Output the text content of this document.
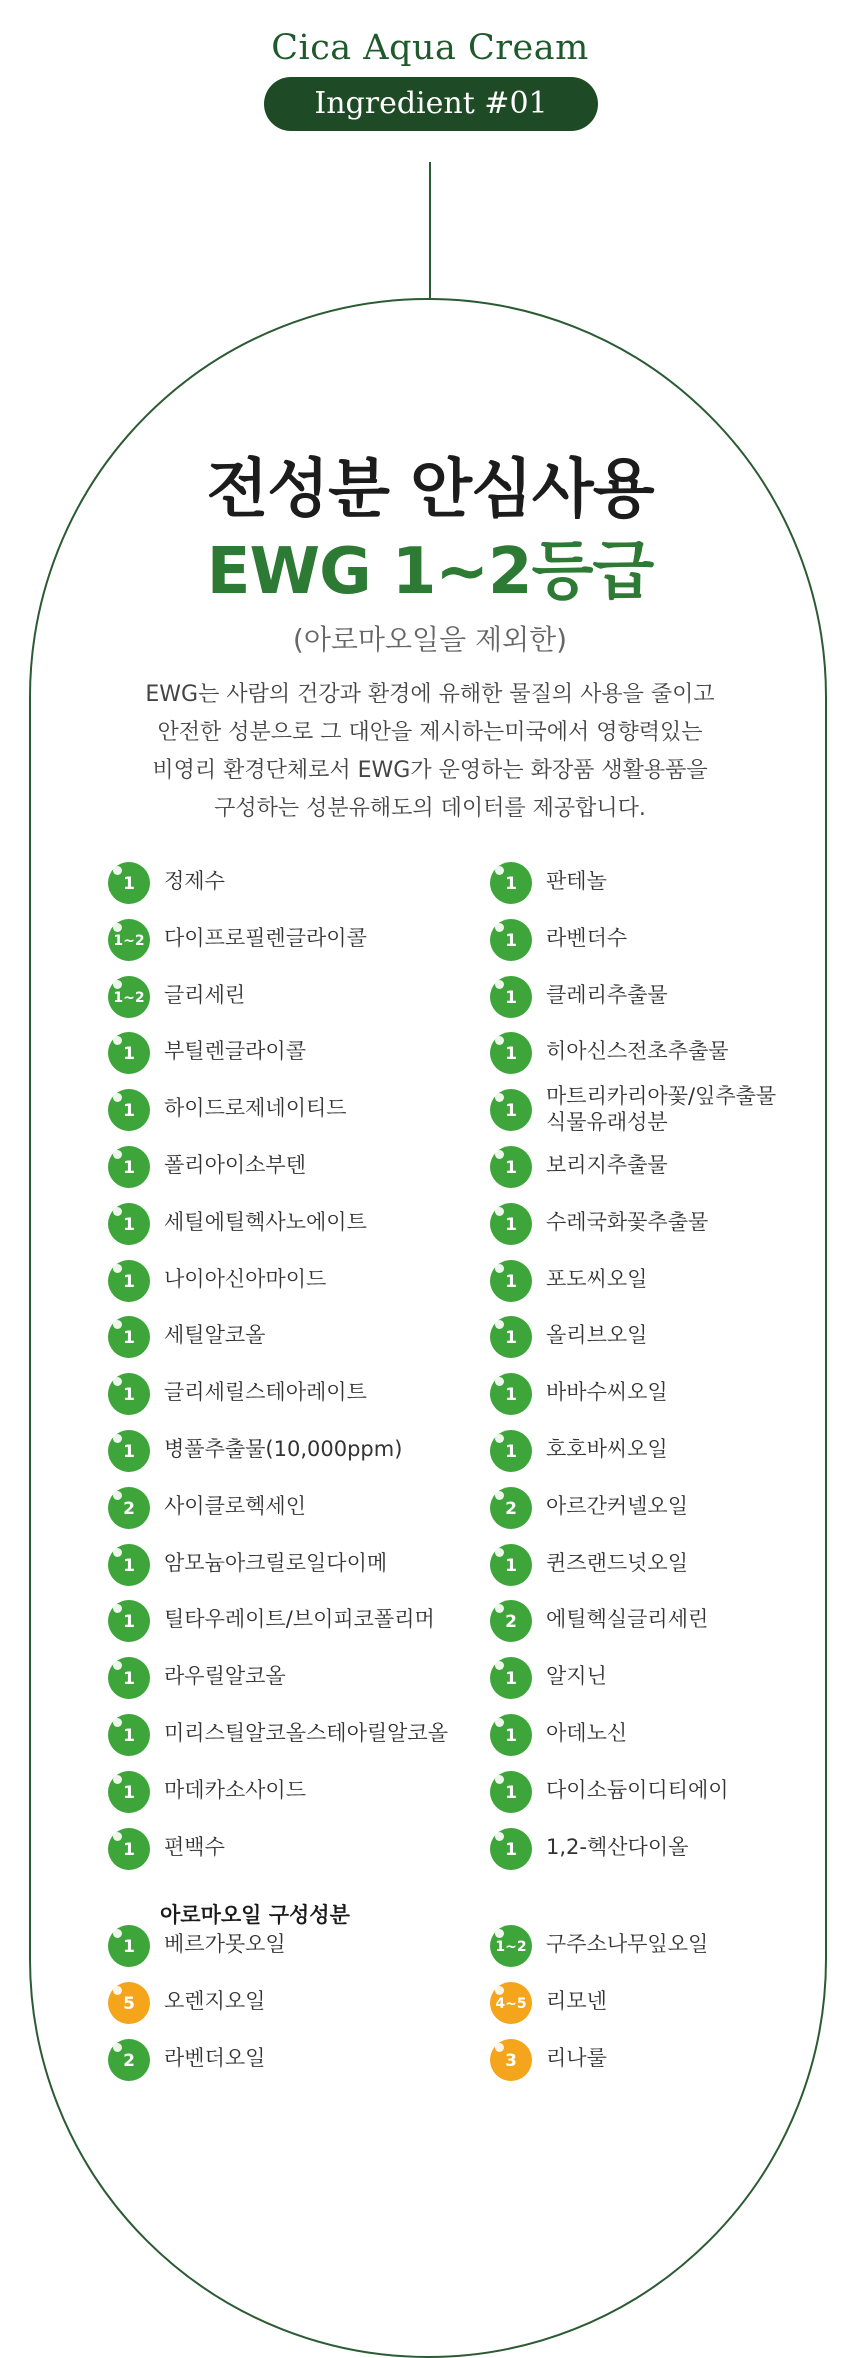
Cica Aqua Cream
Ingredient #01
전성분 안심사용
EWG 1~2등급
(아로마오일을 제외한)
EWG는 사람의 건강과 환경에 유해한 물질의 사용을 줄이고
안전한 성분으로 그 대안을 제시하는미국에서 영향력있는
비영리 환경단체로서 EWG가 운영하는 화장품 생활용품을
구성하는 성분유해도의 데이터를 제공합니다.
1	정제수
1~2 다이프로필렌글라이콜
1~2 글리세린
1	부틸렌글라이콜
1	하이드로제네이티드
1	폴리아이소부텐
1	세틸에틸헥사노에이트
1	나이아신아마이드
1	세틸알코올
1	글리세릴스테아레이트
1	병풀추출물(10,000ppm)
2	사이클로헥세인
1	암모늄아크릴로일다이메
1	틸타우레이트/브이피코폴리머
1	라우릴알코올
1	미리스틸알코올스테아릴알코올
1	마데카소사이드
1	편백수
1	판테놀
1	라벤더수
1	클레리추출물
1	히아신스전초추출물
1
마트리카리아꽃/잎추출물
식물유래성분
1	보리지추출물
1	수레국화꽃추출물
1	포도씨오일
1	올리브오일
1	바바수씨오일
1	호호바씨오일
2	아르간커넬오일
1	퀸즈랜드넛오일
2	에틸헥실글리세린
1	알지닌
1	아데노신
1	다이소듐이디티에이
1	1,2-헥산다이올
아로마오일 구성성분
1	베르가못오일
5	오렌지오일
2	라벤더오일
1~2 구주소나무잎오일
4~5 리모넨
3	리나룰
